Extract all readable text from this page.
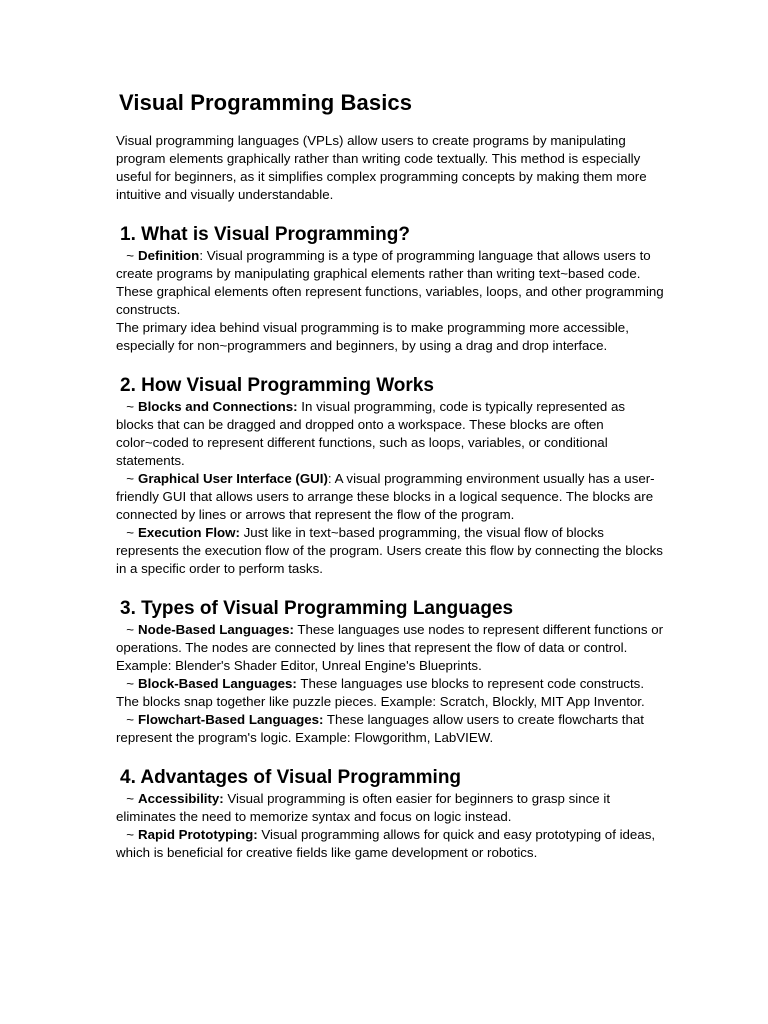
Visual Programming Basics

Visual programming languages (VPLs) allow users to create programs by manipulating program elements graphically rather than writing code textually. This method is especially useful for beginners, as it simplifies complex programming concepts by making them more intuitive and visually understandable.

1. What is Visual Programming?

~ Definition: Visual programming is a type of programming language that allows users to create programs by manipulating graphical elements rather than writing text~based code. These graphical elements often represent functions, variables, loops, and other programming constructs.

The primary idea behind visual programming is to make programming more accessible, especially for non~programmers and beginners, by using a drag and drop interface.

2. How Visual Programming Works

~ Blocks and Connections: In visual programming, code is typically represented as blocks that can be dragged and dropped onto a workspace. These blocks are often color~coded to represent different functions, such as loops, variables, or conditional statements.

~ Graphical User Interface (GUI): A visual programming environment usually has a user-friendly GUI that allows users to arrange these blocks in a logical sequence. The blocks are connected by lines or arrows that represent the flow of the program.

~ Execution Flow: Just like in text~based programming, the visual flow of blocks represents the execution flow of the program. Users create this flow by connecting the blocks in a specific order to perform tasks.

3. Types of Visual Programming Languages

~ Node-Based Languages: These languages use nodes to represent different functions or operations. The nodes are connected by lines that represent the flow of data or control. Example: Blender's Shader Editor, Unreal Engine's Blueprints.

~ Block-Based Languages: These languages use blocks to represent code constructs. The blocks snap together like puzzle pieces. Example: Scratch, Blockly, MIT App Inventor.

~ Flowchart-Based Languages: These languages allow users to create flowcharts that represent the program's logic. Example: Flowgorithm, LabVIEW.

4. Advantages of Visual Programming

~ Accessibility: Visual programming is often easier for beginners to grasp since it eliminates the need to memorize syntax and focus on logic instead.

~ Rapid Prototyping: Visual programming allows for quick and easy prototyping of ideas, which is beneficial for creative fields like game development or robotics.
